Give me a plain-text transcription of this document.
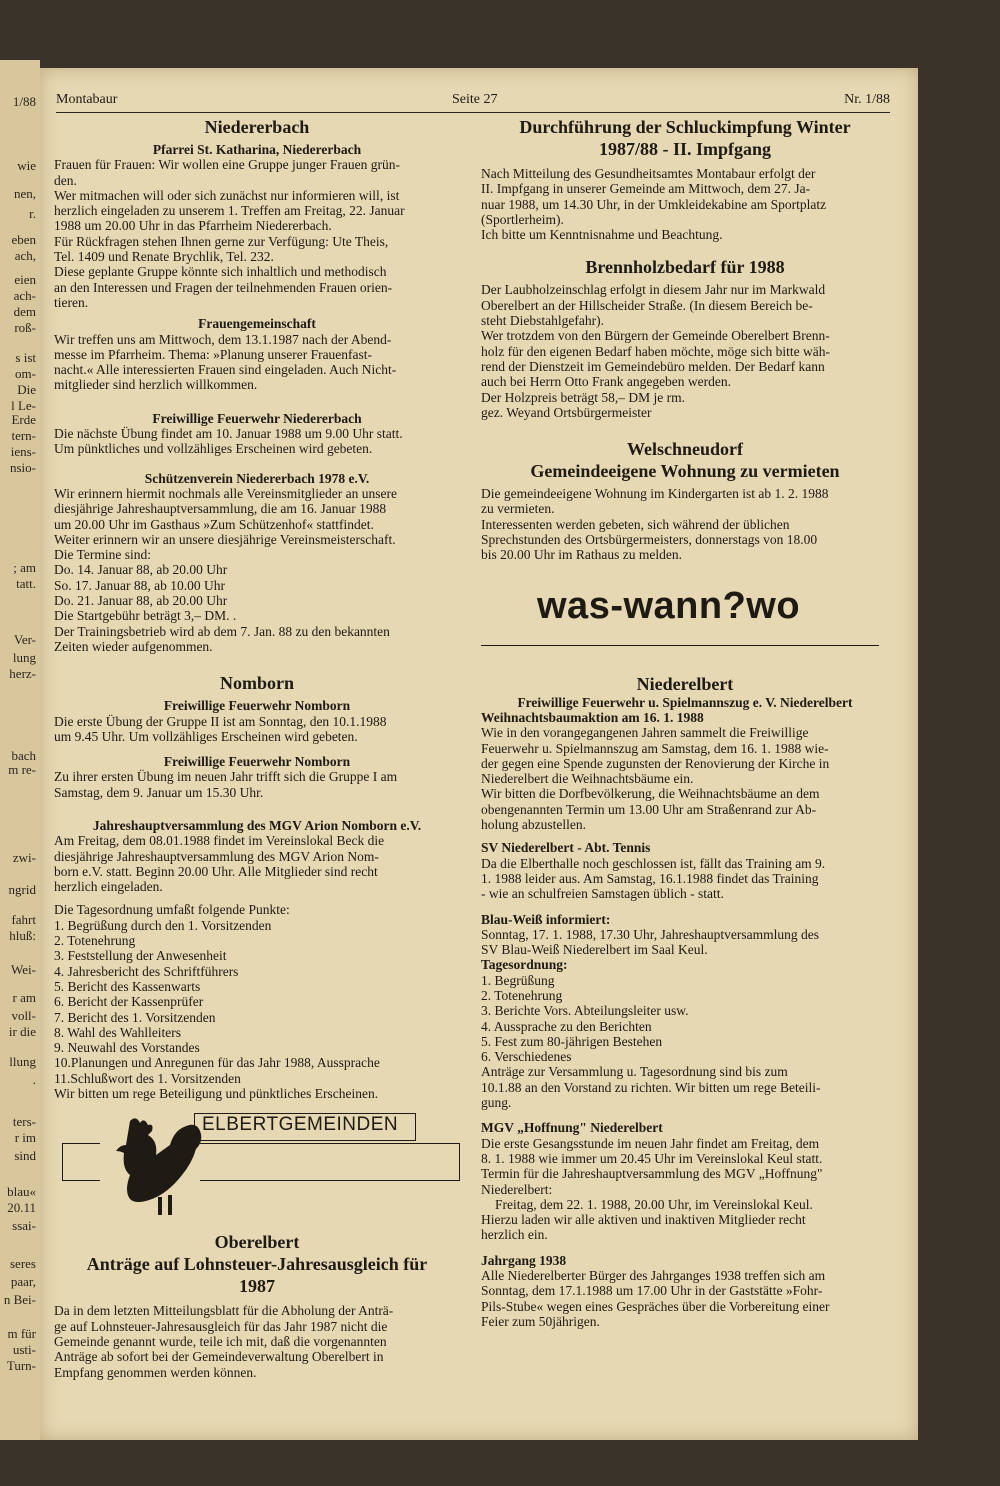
1/88
wie
nen,
r.
eben
ach,
eien
ach-
dem
roß-
s ist
om-
Die
l Le-
Erde
tern-
iens-
nsio-
; am
tatt.
Ver-
lung
herz-
bach
m re-
zwi-
ngrid
fahrt
hluß:
Wei-
r am
voll-
ir die
llung
.
ters-
r im
sind
blau«
20.11
ssai-
seres
paar,
n Bei-
m für
usti-
Turn-
Montabaur	Seite 27	Nr. 1/88
Niedererbach
Pfarrei St. Katharina, Niedererbach
Frauen für Frauen: Wir wollen eine Gruppe junger Frauen grün-
den.
Wer mitmachen will oder sich zunächst nur informieren will, ist
herzlich eingeladen zu unserem 1. Treffen am Freitag, 22. Januar
1988 um 20.00 Uhr in das Pfarrheim Niedererbach.
Für Rückfragen stehen Ihnen gerne zur Verfügung: Ute Theis,
Tel. 1409 und Renate Brychlik, Tel. 232.
Diese geplante Gruppe könnte sich inhaltlich und methodisch
an den Interessen und Fragen der teilnehmenden Frauen orien-
tieren.
Frauengemeinschaft
Wir treffen uns am Mittwoch, dem 13.1.1987 nach der Abend-
messe im Pfarrheim. Thema: »Planung unserer Frauenfast-
nacht.« Alle interessierten Frauen sind eingeladen. Auch Nicht-
mitglieder sind herzlich willkommen.
Freiwillige Feuerwehr Niedererbach
Die nächste Übung findet am 10. Januar 1988 um 9.00 Uhr statt.
Um pünktliches und vollzähliges Erscheinen wird gebeten.
Schützenverein Niedererbach 1978 e.V.
Wir erinnern hiermit nochmals alle Vereinsmitglieder an unsere
diesjährige Jahreshauptversammlung, die am 16. Januar 1988
um 20.00 Uhr im Gasthaus »Zum Schützenhof« stattfindet.
Weiter erinnern wir an unsere diesjährige Vereinsmeisterschaft.
Die Termine sind:
Do. 14. Januar 88, ab 20.00 Uhr
So. 17. Januar 88, ab 10.00 Uhr
Do. 21. Januar 88, ab 20.00 Uhr
Die Startgebühr beträgt 3,– DM. .
Der Trainingsbetrieb wird ab dem 7. Jan. 88 zu den bekannten
Zeiten wieder aufgenommen.
Nomborn
Freiwillige Feuerwehr Nomborn
Die erste Übung der Gruppe II ist am Sonntag, den 10.1.1988
um 9.45 Uhr. Um vollzähliges Erscheinen wird gebeten.
Freiwillige Feuerwehr Nomborn
Zu ihrer ersten Übung im neuen Jahr trifft sich die Gruppe I am
Samstag, dem 9. Januar um 15.30 Uhr.
Jahreshauptversammlung des MGV Arion Nomborn e.V.
Am Freitag, dem 08.01.1988 findet im Vereinslokal Beck die
diesjährige Jahreshauptversammlung des MGV Arion Nom-
born e.V. statt. Beginn 20.00 Uhr. Alle Mitglieder sind recht
herzlich eingeladen.
Die Tagesordnung umfaßt folgende Punkte:
1. Begrüßung durch den 1. Vorsitzenden
2. Totenehrung
3. Feststellung der Anwesenheit
4. Jahresbericht des Schriftführers
5. Bericht des Kassenwarts
6. Bericht der Kassenprüfer
7. Bericht des 1. Vorsitzenden
8. Wahl des Wahlleiters
9. Neuwahl des Vorstandes
10.Planungen und Anregunen für das Jahr 1988, Aussprache
11.Schlußwort des 1. Vorsitzenden
Wir bitten um rege Beteiligung und pünktliches Erscheinen.
ELBERTGEMEINDEN
Oberelbert
Anträge auf Lohnsteuer-Jahresausgleich für
1987
Da in dem letzten Mitteilungsblatt für die Abholung der Anträ-
ge auf Lohnsteuer-Jahresausgleich für das Jahr 1987 nicht die
Gemeinde genannt wurde, teile ich mit, daß die vorgenannten
Anträge ab sofort bei der Gemeindeverwaltung Oberelbert in
Empfang genommen werden können.
Durchführung der Schluckimpfung Winter
1987/88 - II. Impfgang
Nach Mitteilung des Gesundheitsamtes Montabaur erfolgt der
II. Impfgang in unserer Gemeinde am Mittwoch, dem 27. Ja-
nuar 1988, um 14.30 Uhr, in der Umkleidekabine am Sportplatz
(Sportlerheim).
Ich bitte um Kenntnisnahme und Beachtung.
Brennholzbedarf für 1988
Der Laubholzeinschlag erfolgt in diesem Jahr nur im Markwald
Oberelbert an der Hillscheider Straße. (In diesem Bereich be-
steht Diebstahlgefahr).
Wer trotzdem von den Bürgern der Gemeinde Oberelbert Brenn-
holz für den eigenen Bedarf haben möchte, möge sich bitte wäh-
rend der Dienstzeit im Gemeindebüro melden. Der Bedarf kann
auch bei Herrn Otto Frank angegeben werden.
Der Holzpreis beträgt 58,– DM je rm.
gez. Weyand Ortsbürgermeister
Welschneudorf
Gemeindeeigene Wohnung zu vermieten
Die gemeindeeigene Wohnung im Kindergarten ist ab 1. 2. 1988
zu vermieten.
Interessenten werden gebeten, sich während der üblichen
Sprechstunden des Ortsbürgermeisters, donnerstags von 18.00
bis 20.00 Uhr im Rathaus zu melden.
was-wann?wo
Niederelbert
Freiwillige Feuerwehr u. Spielmannszug e. V. Niederelbert
Weihnachtsbaumaktion am 16. 1. 1988
Wie in den vorangegangenen Jahren sammelt die Freiwillige
Feuerwehr u. Spielmannszug am Samstag, dem 16. 1. 1988 wie-
der gegen eine Spende zugunsten der Renovierung der Kirche in
Niederelbert die Weihnachtsbäume ein.
Wir bitten die Dorfbevölkerung, die Weihnachtsbäume an dem
obengenannten Termin um 13.00 Uhr am Straßenrand zur Ab-
holung abzustellen.
SV Niederelbert - Abt. Tennis
Da die Elberthalle noch geschlossen ist, fällt das Training am 9.
1. 1988 leider aus. Am Samstag, 16.1.1988 findet das Training
- wie an schulfreien Samstagen üblich - statt.
Blau-Weiß informiert:
Sonntag, 17. 1. 1988, 17.30 Uhr, Jahreshauptversammlung des
SV Blau-Weiß Niederelbert im Saal Keul.
Tagesordnung:
1. Begrüßung
2. Totenehrung
3. Berichte Vors. Abteilungsleiter usw.
4. Aussprache zu den Berichten
5. Fest zum 80-jährigen Bestehen
6. Verschiedenes
Anträge zur Versammlung u. Tagesordnung sind bis zum
10.1.88 an den Vorstand zu richten. Wir bitten um rege Beteili-
gung.
MGV „Hoffnung" Niederelbert
Die erste Gesangsstunde im neuen Jahr findet am Freitag, dem
8. 1. 1988 wie immer um 20.45 Uhr im Vereinslokal Keul statt.
Termin für die Jahreshauptversammlung des MGV „Hoffnung"
Niederelbert:
Freitag, dem 22. 1. 1988, 20.00 Uhr, im Vereinslokal Keul.
Hierzu laden wir alle aktiven und inaktiven Mitglieder recht
herzlich ein.
Jahrgang 1938
Alle Niederelberter Bürger des Jahrganges 1938 treffen sich am
Sonntag, dem 17.1.1988 um 17.00 Uhr in der Gaststätte »Fohr-
Pils-Stube« wegen eines Gespräches über die Vorbereitung einer
Feier zum 50jährigen.
